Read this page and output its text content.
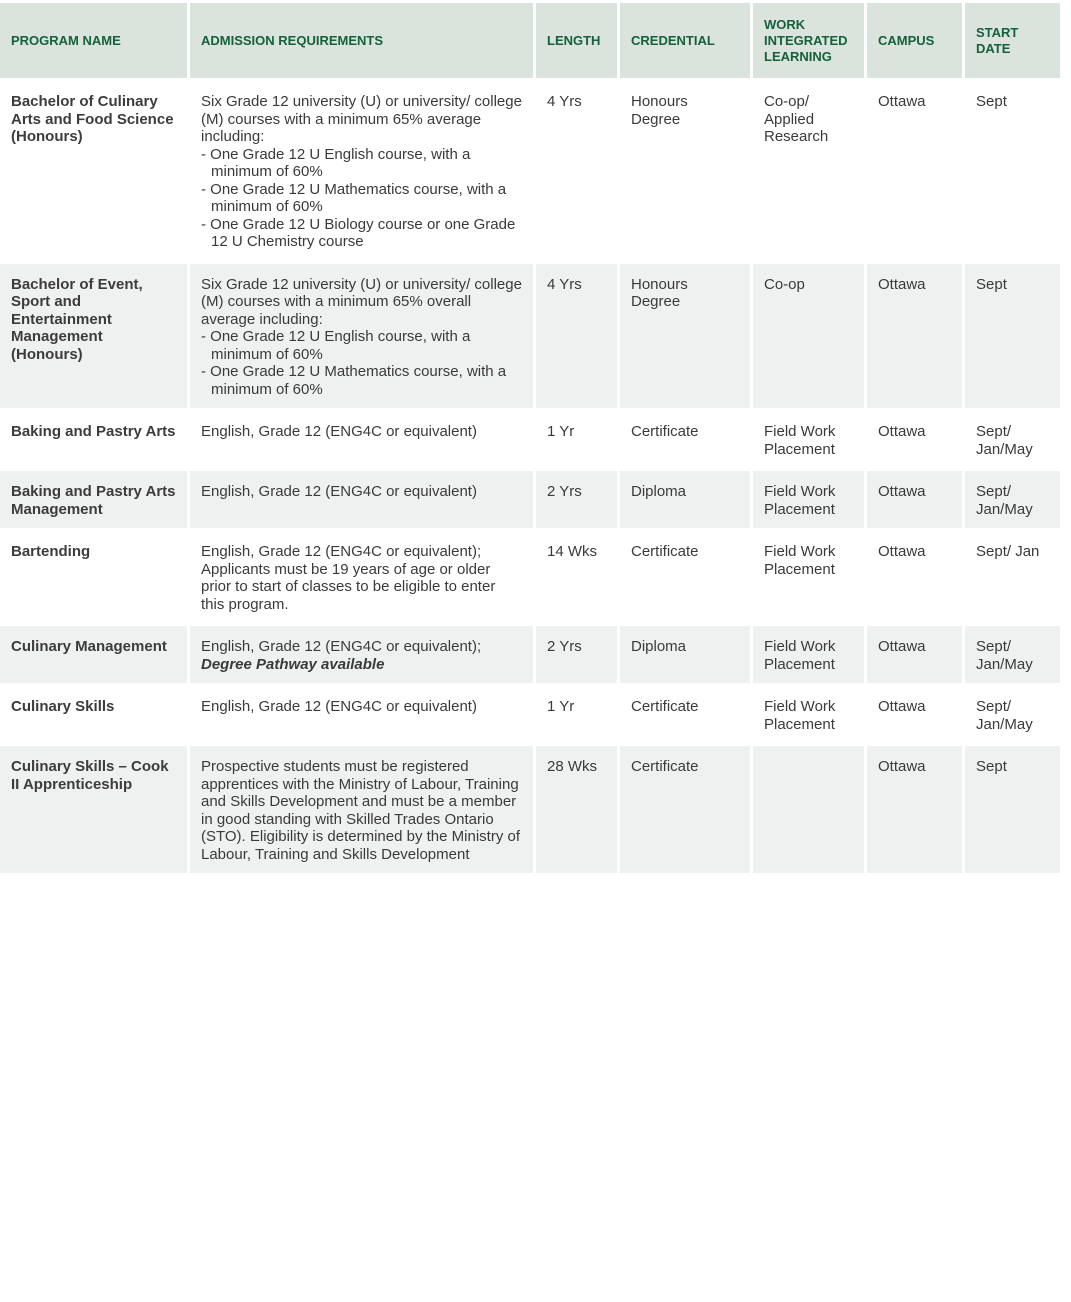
PROGRAM NAME	ADMISSION REQUIREMENTS	LENGTH	CREDENTIAL	WORK INTEGRATED LEARNING	CAMPUS	START DATE

Bachelor of Culinary Arts and Food Science (Honours)	Six Grade 12 university (U) or university/ college (M) courses with a minimum 65% average including:
- One Grade 12 U English course, with a minimum of 60%
- One Grade 12 U Mathematics course, with a minimum of 60%
- One Grade 12 U Biology course or one Grade 12 U Chemistry course	4 Yrs	Honours Degree	Co-op/ Applied Research	Ottawa	Sept
Bachelor of Event, Sport and Entertainment Management (Honours)	Six Grade 12 university (U) or university/ college (M) courses with a minimum 65% overall average including:
- One Grade 12 U English course, with a minimum of 60%
- One Grade 12 U Mathematics course, with a minimum of 60%	4 Yrs	Honours Degree	Co-op	Ottawa	Sept
Baking and Pastry Arts	English, Grade 12 (ENG4C or equivalent)	1 Yr	Certificate	Field Work Placement	Ottawa	Sept/ Jan/May
Baking and Pastry Arts Management	English, Grade 12 (ENG4C or equivalent)	2 Yrs	Diploma	Field Work Placement	Ottawa	Sept/ Jan/May
Bartending	English, Grade 12 (ENG4C or equivalent); Applicants must be 19 years of age or older prior to start of classes to be eligible to enter this program.	14 Wks	Certificate	Field Work Placement	Ottawa	Sept/ Jan
Culinary Management	English, Grade 12 (ENG4C or equivalent);
Degree Pathway available	2 Yrs	Diploma	Field Work Placement	Ottawa	Sept/ Jan/May
Culinary Skills	English, Grade 12 (ENG4C or equivalent)	1 Yr	Certificate	Field Work Placement	Ottawa	Sept/ Jan/May
Culinary Skills – Cook II Apprenticeship	Prospective students must be registered apprentices with the Ministry of Labour, Training and Skills Development and must be a member in good standing with Skilled Trades Ontario (STO). Eligibility is determined by the Ministry of Labour, Training and Skills Development	28 Wks	Certificate		Ottawa	Sept
